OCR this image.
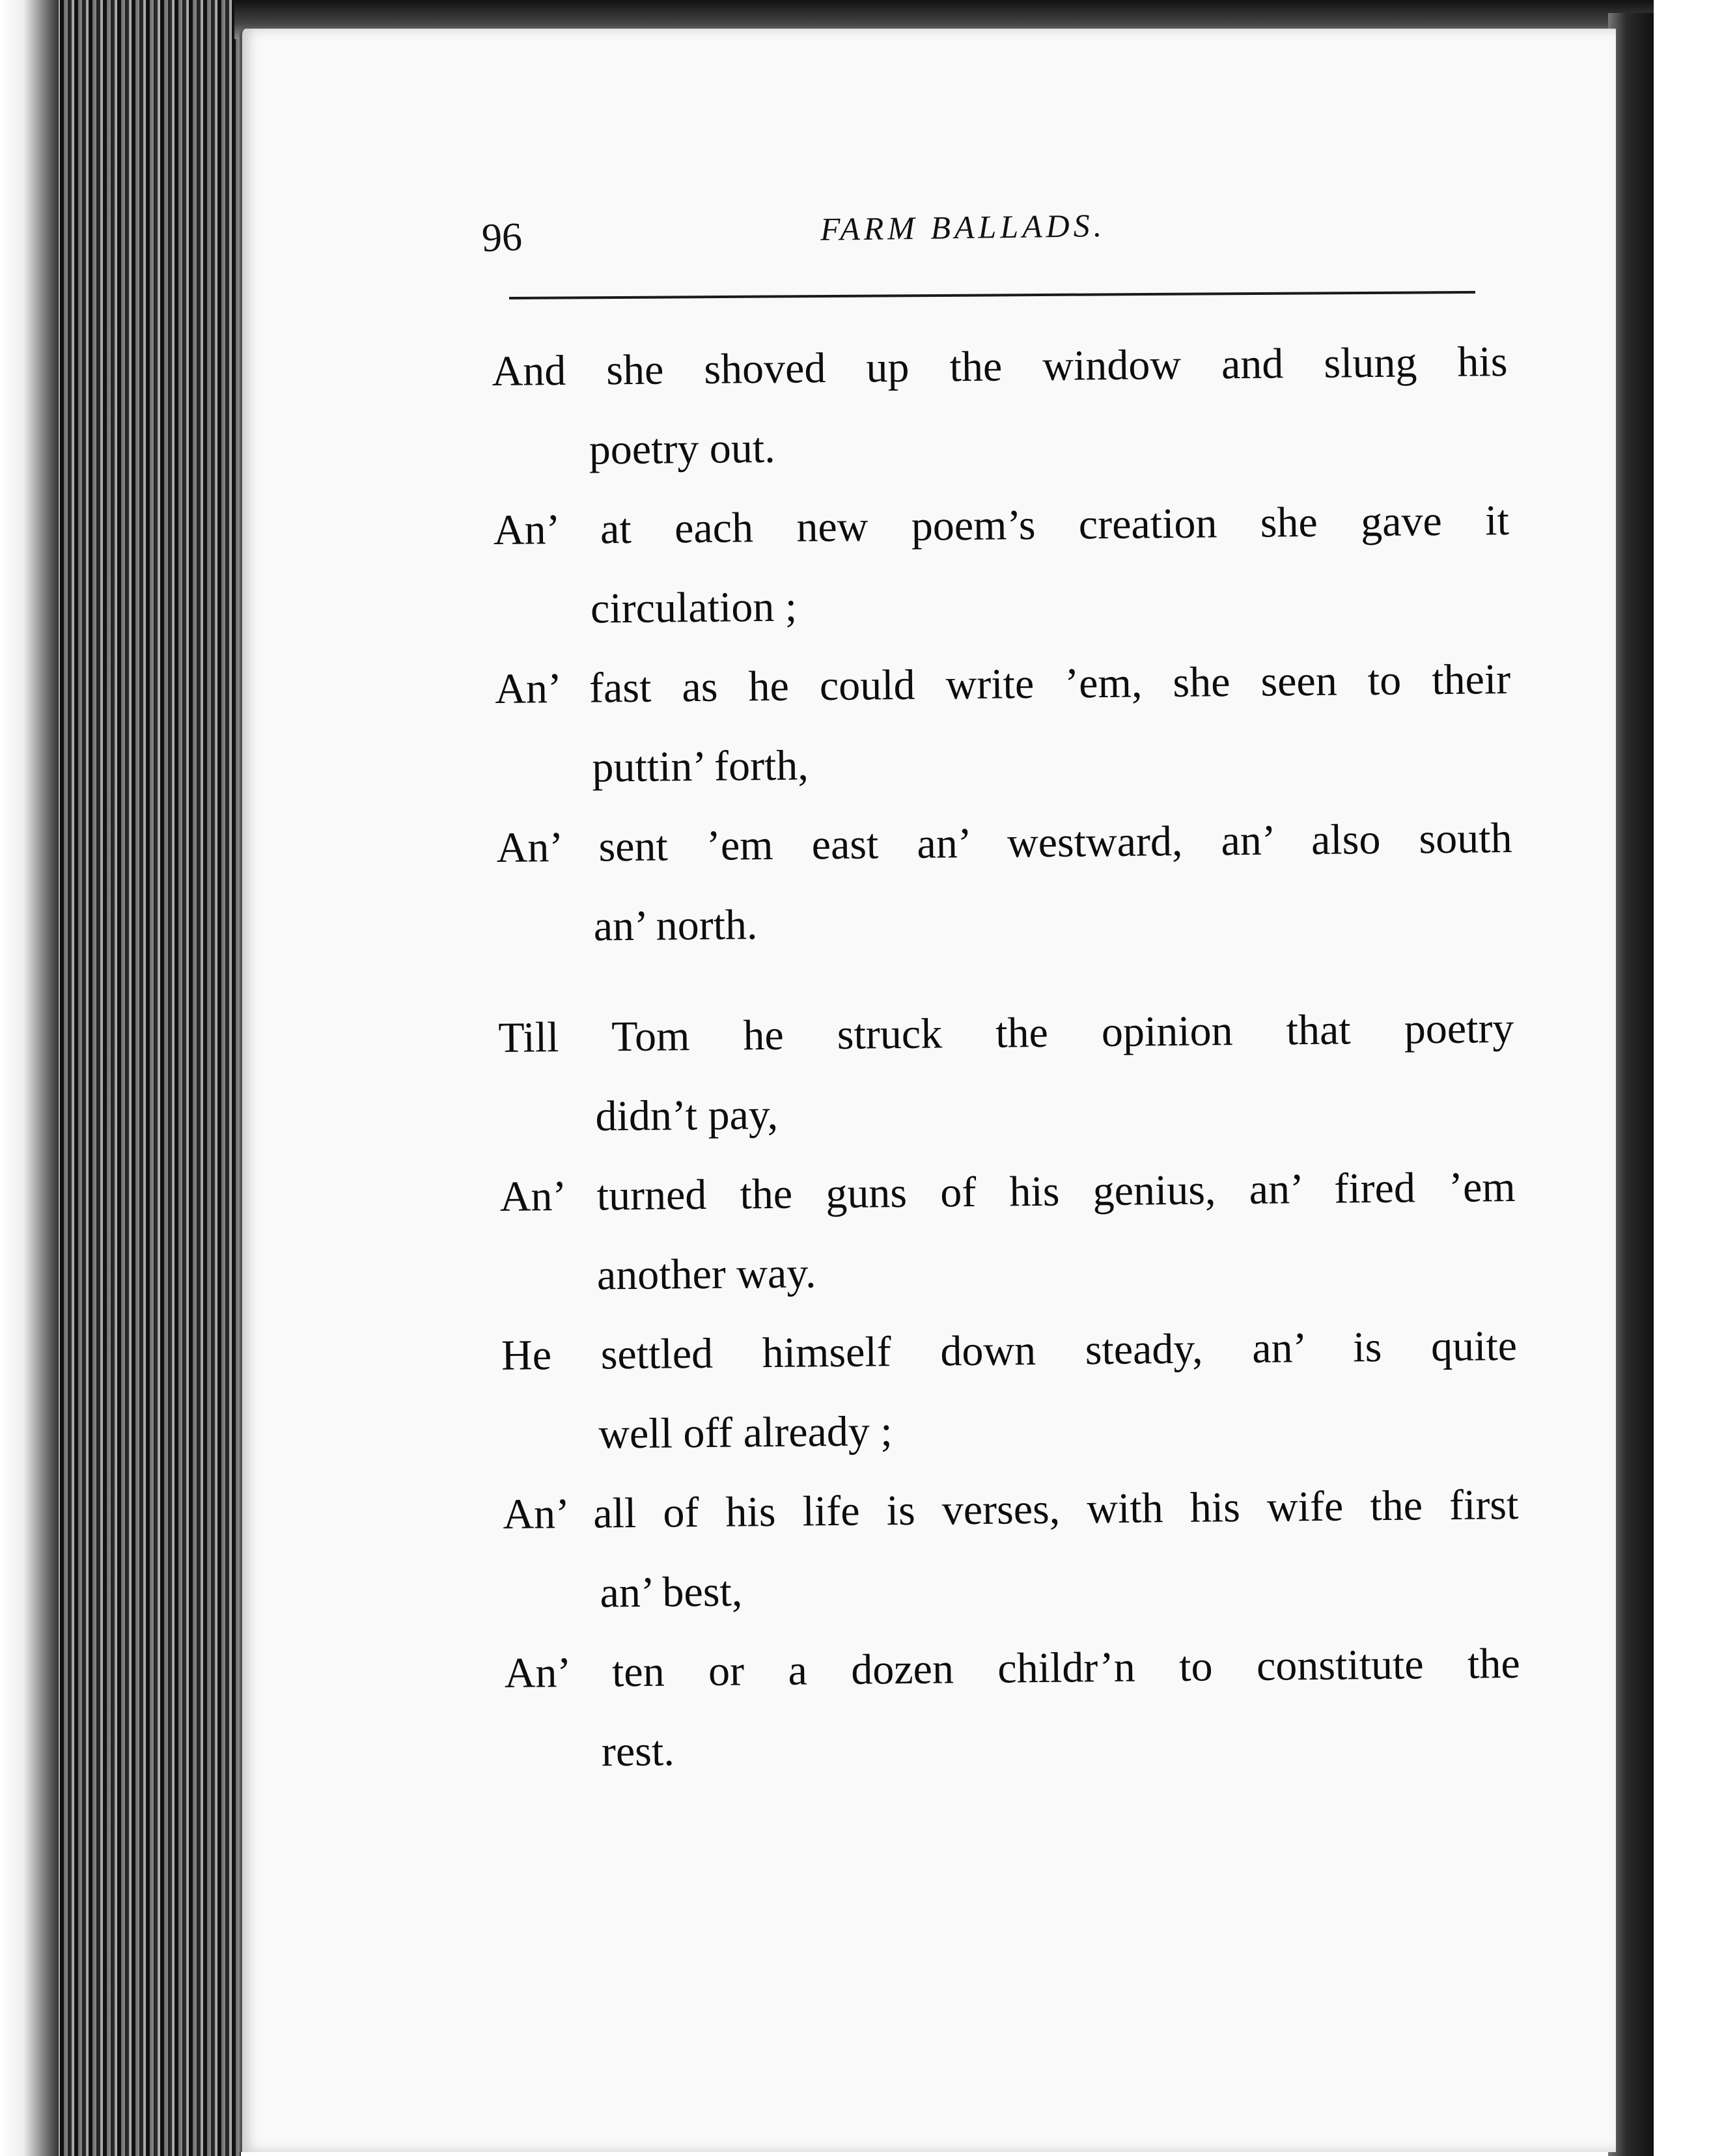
96	FARM BALLADS.
And she shoved up the window and slung his
poetry out.
An’ at each new poem’s creation she gave it
circulation ;
An’ fast as he could write ’em, she seen to their
puttin’ forth,
An’ sent ’em east an’ westward, an’ also south
an’ north.
Till Tom he struck the opinion that poetry
didn’t pay,
An’ turned the guns of his genius, an’ fired ’em
another way.
He settled himself down steady, an’ is quite
well off already ;
An’ all of his life is verses, with his wife the first
an’ best,
An’ ten or a dozen childr’n to constitute the
rest.
